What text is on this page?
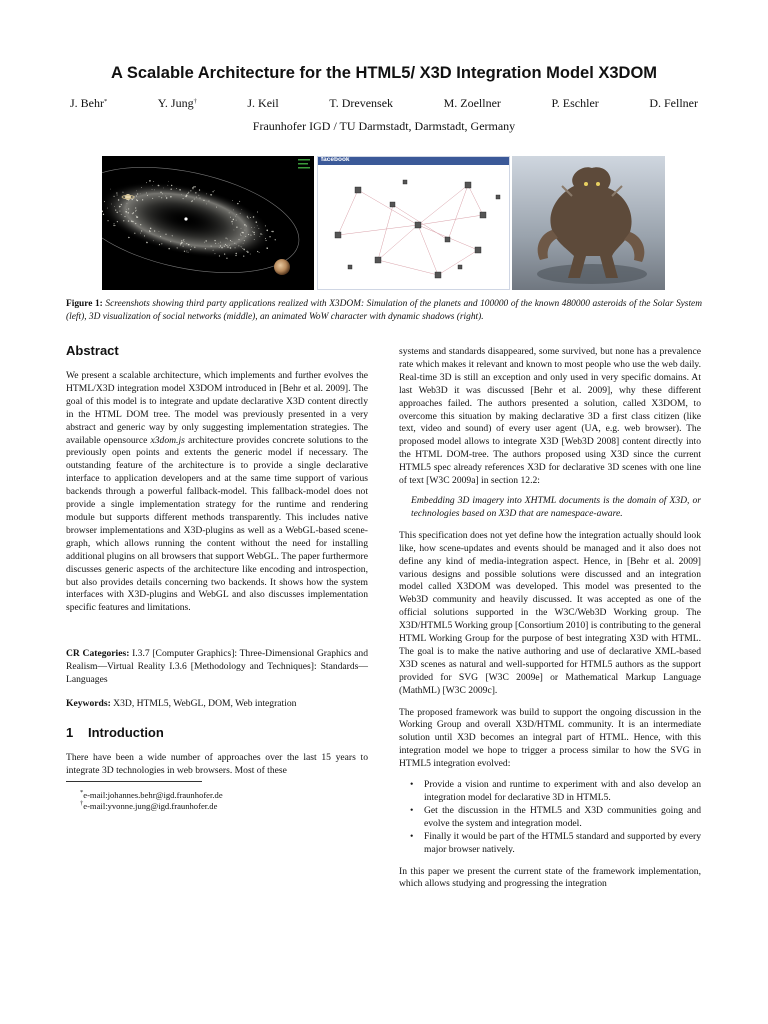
A Scalable Architecture for the HTML5/ X3D Integration Model X3DOM
J. Behr*	Y. Jung†	J. Keil	T. Drevensek	M. Zoellner	P. Eschler	D. Fellner
Fraunhofer IGD / TU Darmstadt, Darmstadt, Germany
facebook
Figure 1: Screenshots showing third party applications realized with X3DOM: Simulation of the planets and 100000 of the known 480000 asteroids of the Solar System (left), 3D visualization of social networks (middle), an animated WoW character with dynamic shadows (right).
Abstract

We present a scalable architecture, which implements and further evolves the HTML/X3D integration model X3DOM introduced in [Behr et al. 2009]. The goal of this model is to integrate and update declarative X3D content directly in the HTML DOM tree. The model was previously presented in a very abstract and generic way by only suggesting implementation strategies. The available opensource x3dom.js architecture provides concrete solutions to the previously open points and extents the generic model if necessary. The outstanding feature of the architecture is to provide a single declarative interface to application developers and at the same time support of various backends through a powerful fallback-model. This fallback-model does not provide a single implementation strategy for the runtime and rendering module but supports different methods transparently. This includes native browser implementations and X3D-plugins as well as a WebGL-based scene-graph, which allows running the content without the need for installing additional plugins on all browsers that support WebGL. The paper furthermore discusses generic aspects of the architecture like encoding and introspection, but also provides details concerning two backends. It shows how the system interfaces with X3D-plugins and WebGL and also discusses implementation specific features and limitations.

CR Categories: I.3.7 [Computer Graphics]: Three-Dimensional Graphics and Realism—Virtual Reality I.3.6 [Methodology and Techniques]: Standards—Languages

Keywords: X3D, HTML5, WebGL, DOM, Web integration

1 Introduction

There have been a wide number of approaches over the last 15 years to integrate 3D technologies in web browsers. Most of these

*e-mail:johannes.behr@igd.fraunhofer.de
†e-mail:yvonne.jung@igd.fraunhofer.de

systems and standards disappeared, some survived, but none has a prevalence rate which makes it relevant and known to most people who use the web daily. Real-time 3D is still an exception and only used in very specific domains. At last Web3D it was discussed [Behr et al. 2009], why these different approaches failed. The authors presented a solution, called X3DOM, to overcome this situation by making declarative 3D a first class citizen (like text, video and sound) of every user agent (UA, e.g. web browser). The proposed model allows to integrate X3D [Web3D 2008] content directly into the HTML DOM-tree. The authors proposed using X3D since the current HTML5 spec already references X3D for declarative 3D scenes with one line of text [W3C 2009a] in section 12.2:

Embedding 3D imagery into XHTML documents is the domain of X3D, or technologies based on X3D that are namespace-aware.

This specification does not yet define how the integration actually should look like, how scene-updates and events should be managed and it also does not define any kind of media-integration aspect. Hence, in [Behr et al. 2009] various designs and possible solutions were discussed and an integration model called X3DOM was developed. This model was presented to the Web3D community and heavily discussed. It was accepted as one of the official solutions supported in the W3C/Web3D Working group. The X3D/HTML5 Working group [Consortium 2010] is contributing to the general HTML Working Group for the purpose of best integrating X3D with HTML. The goal is to make the native authoring and use of declarative XML-based X3D scenes as natural and well-supported for HTML5 authors as the support provided for SVG [W3C 2009e] or Mathematical Markup Language (MathML) [W3C 2009c].

The proposed framework was build to support the ongoing discussion in the Working Group and overall X3D/HTML community. It is an intermediate solution until X3D becomes an integral part of HTML. Hence, with this integration model we hope to trigger a process similar to how the SVG in HTML5 integration evolved:

• Provide a vision and runtime to experiment with and also develop an integration model for declarative 3D in HTML5.
• Get the discussion in the HTML5 and X3D communities going and evolve the system and integration model.
• Finally it would be part of the HTML5 standard and supported by every major browser natively.

In this paper we present the current state of the framework implementation, which allows studying and progressing the integration
